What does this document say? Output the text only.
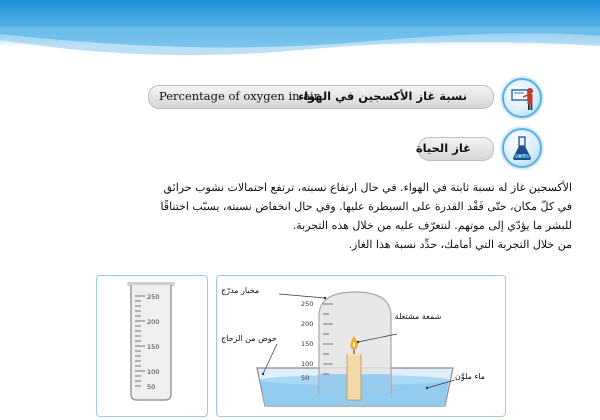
نسبة غاز الأكسجين في الهواء
Percentage of oxygen in air
غاز الحياة

الأكسجين غاز له نسبة ثابتة في الهواء. في حال ارتفاع نسبته، ترتفع احتمالات نشوب حرائق

في كلّ مكان، حتّى فَقْد القدرة على السيطرة عليها. وفي حال انخفاض نسبته، يسبّب اختناقًا

للبشر ما يؤدّي إلى موتهم. لنتعرّف عليه من خلال هذه التجربة.

من خلال التجربة التي أمامك، حدِّد نسبة هذا الغاز.

250
200
150
100
50
250
200
150
100
50
مخبار مدرّج
شمعة مشتعلة
حوض من الزجاج
ماء ملوَّن
